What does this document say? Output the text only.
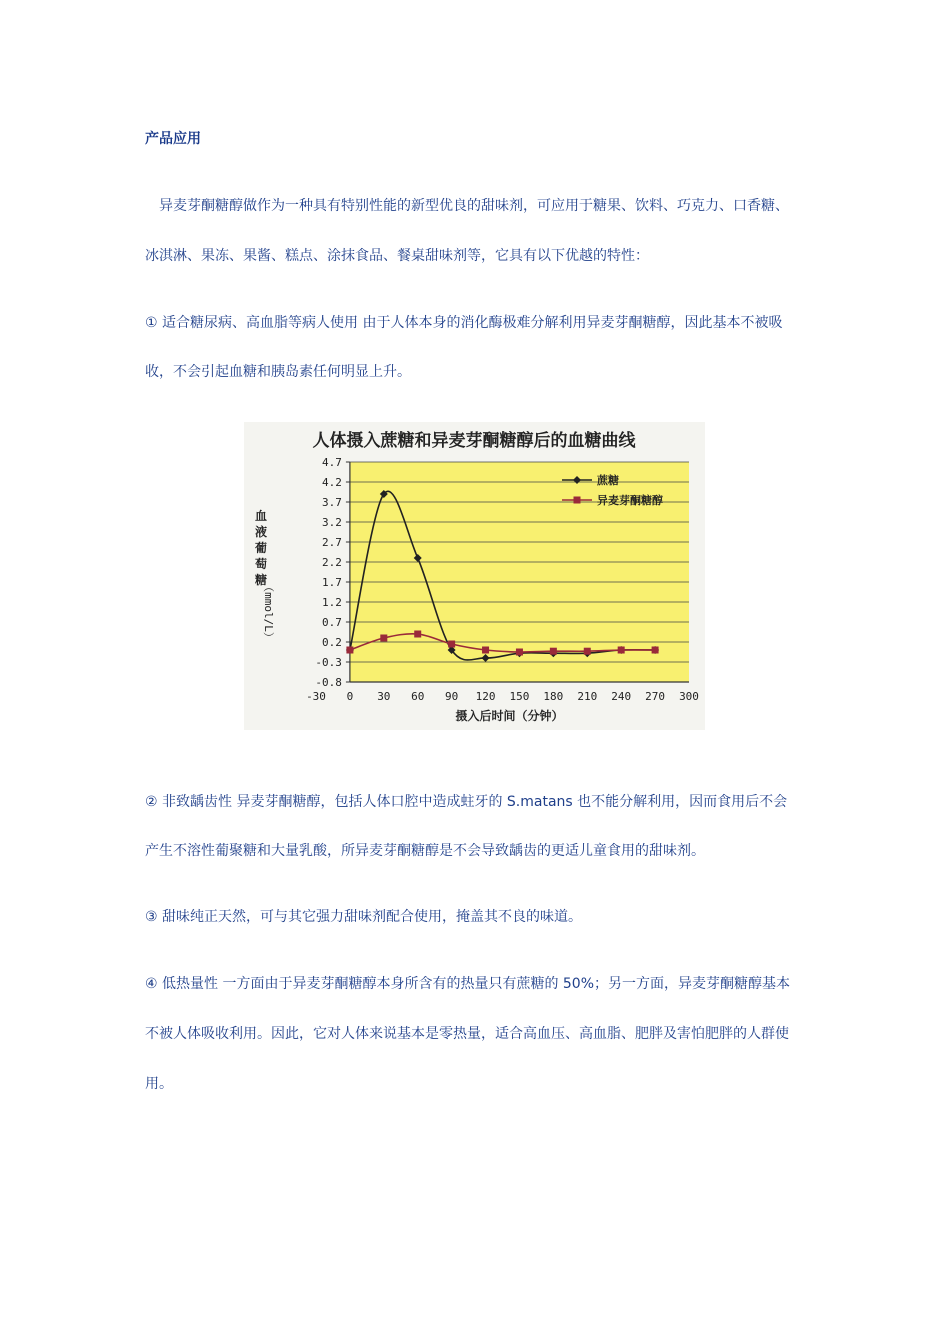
产品应用
　异麦芽酮糖醇做作为一种具有特别性能的新型优良的甜味剂，可应用于糖果、饮料、巧克力、口香糖、
冰淇淋、果冻、果酱、糕点、涂抹食品、餐桌甜味剂等，它具有以下优越的特性：
① 适合糖尿病、高血脂等病人使用 由于人体本身的消化酶极难分解利用异麦芽酮糖醇，因此基本不被吸
收，不会引起血糖和胰岛素任何明显上升。
人体摄入蔗糖和异麦芽酮糖醇后的血糖曲线
4.7
4.2
3.7
3.2
2.7
2.2
1.7
1.2
0.7
0.2
-0.3
-0.8
-30 0 30 60 90 120 150 180 210 240 270 300
蔗糖
异麦芽酮糖醇
摄入后时间（分钟）
血
液
葡
萄
糖
（mmol/L）
② 非致龋齿性 异麦芽酮糖醇，包括人体口腔中造成蛀牙的 S.matans 也不能分解利用，因而食用后不会
产生不溶性葡聚糖和大量乳酸，所异麦芽酮糖醇是不会导致龋齿的更适儿童食用的甜味剂。
③ 甜味纯正天然，可与其它强力甜味剂配合使用，掩盖其不良的味道。
④ 低热量性 一方面由于异麦芽酮糖醇本身所含有的热量只有蔗糖的 50%；另一方面，异麦芽酮糖醇基本
不被人体吸收利用。因此，它对人体来说基本是零热量，适合高血压、高血脂、肥胖及害怕肥胖的人群使
用。
